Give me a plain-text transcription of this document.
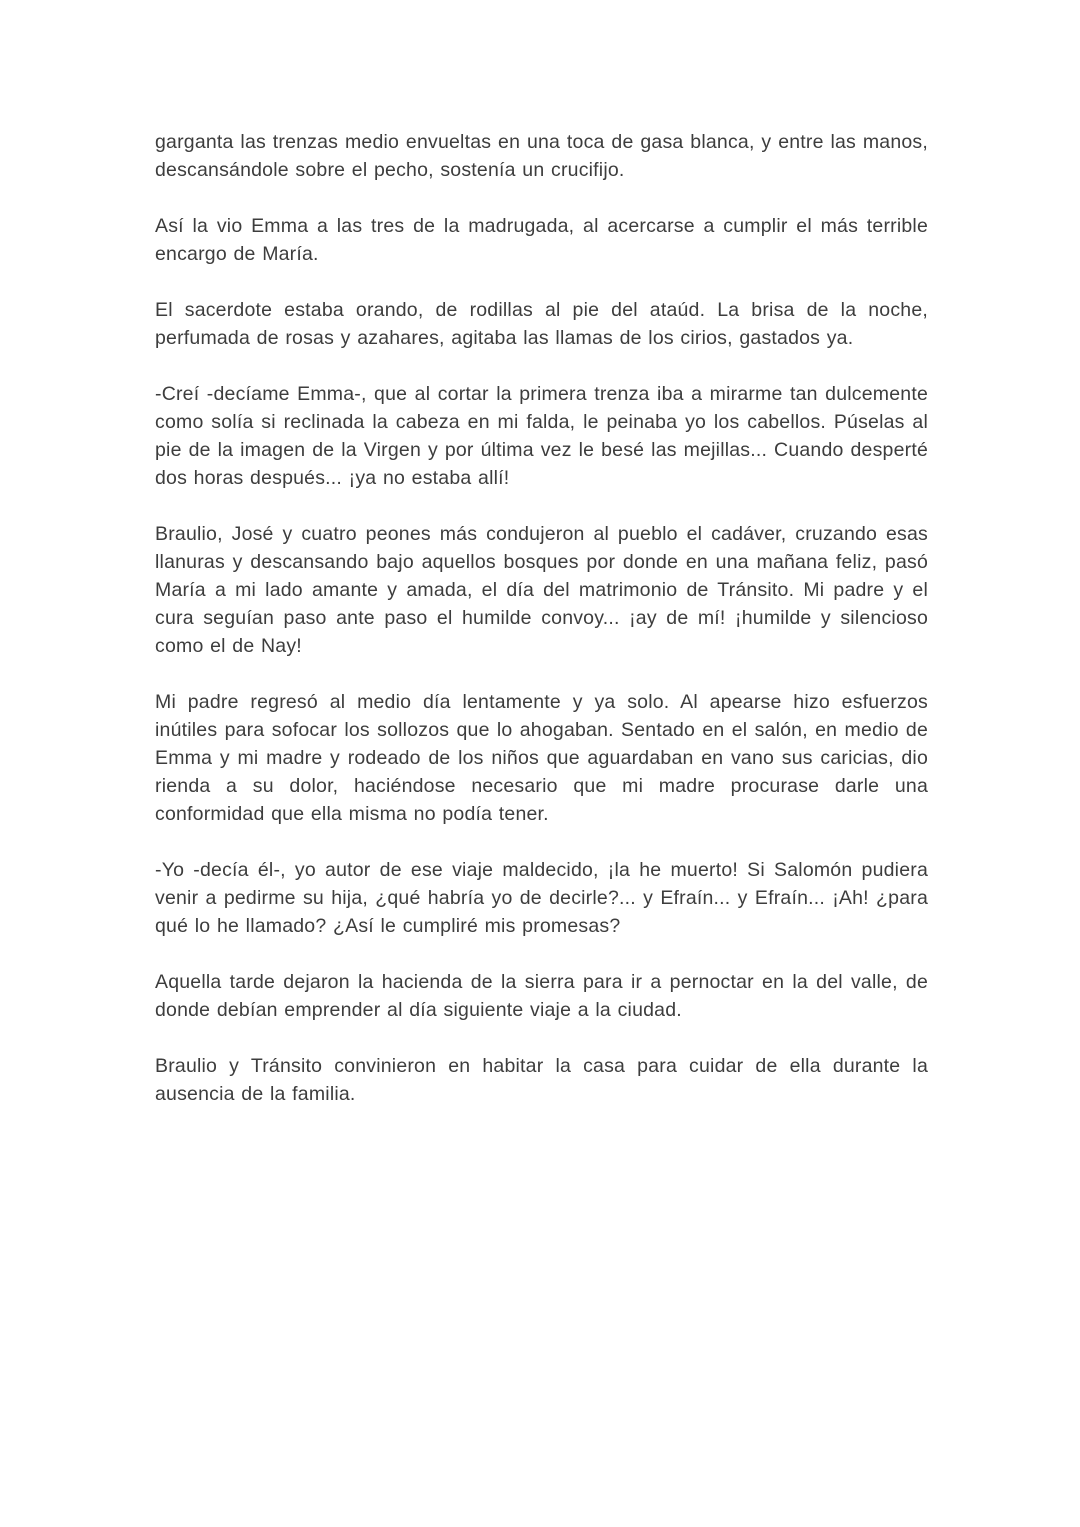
garganta las trenzas medio envueltas en una toca de gasa blanca, y entre las manos, descansándole sobre el pecho, sostenía un crucifijo.

Así la vio Emma a las tres de la madrugada, al acercarse a cumplir el más terrible encargo de María.

El sacerdote estaba orando, de rodillas al pie del ataúd. La brisa de la noche, perfumada de rosas y azahares, agitaba las llamas de los cirios, gastados ya.

-Creí -decíame Emma-, que al cortar la primera trenza iba a mirarme tan dulcemente como solía si reclinada la cabeza en mi falda, le peinaba yo los cabellos. Púselas al pie de la imagen de la Virgen y por última vez le besé las mejillas... Cuando desperté dos horas después... ¡ya no estaba allí!

Braulio, José y cuatro peones más condujeron al pueblo el cadáver, cruzando esas llanuras y descansando bajo aquellos bosques por donde en una mañana feliz, pasó María a mi lado amante y amada, el día del matrimonio de Tránsito. Mi padre y el cura seguían paso ante paso el humilde convoy... ¡ay de mí! ¡humilde y silencioso como el de Nay!

Mi padre regresó al medio día lentamente y ya solo. Al apearse hizo esfuerzos inútiles para sofocar los sollozos que lo ahogaban. Sentado en el salón, en medio de Emma y mi madre y rodeado de los niños que aguardaban en vano sus caricias, dio rienda a su dolor, haciéndose necesario que mi madre procurase darle una conformidad que ella misma no podía tener.

-Yo -decía él-, yo autor de ese viaje maldecido, ¡la he muerto! Si Salomón pudiera venir a pedirme su hija, ¿qué habría yo de decirle?... y Efraín... y Efraín... ¡Ah! ¿para qué lo he llamado? ¿Así le cumpliré mis promesas?

Aquella tarde dejaron la hacienda de la sierra para ir a pernoctar en la del valle, de donde debían emprender al día siguiente viaje a la ciudad.

Braulio y Tránsito convinieron en habitar la casa para cuidar de ella durante la ausencia de la familia.
